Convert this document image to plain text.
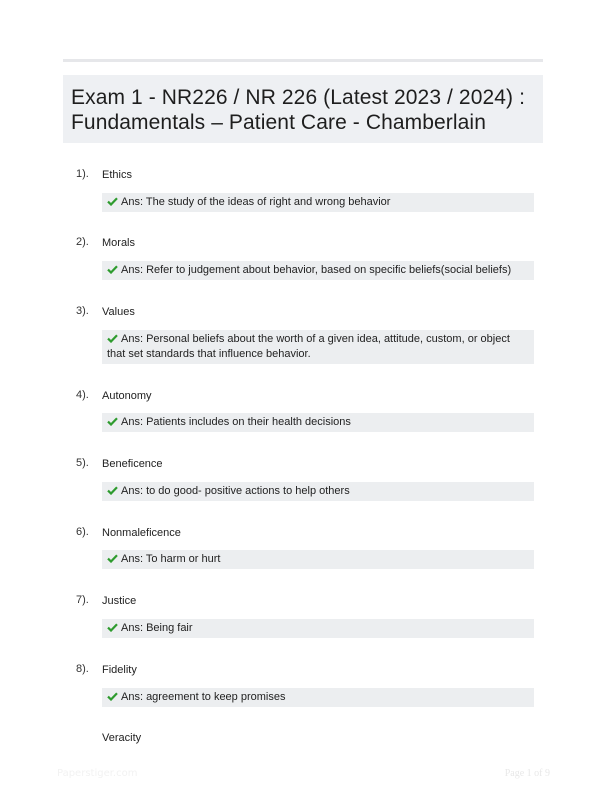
Exam 1 - NR226 / NR 226 (Latest 2023 / 2024) : Fundamentals – Patient Care - Chamberlain
1). Ethics
Ans: The study of the ideas of right and wrong behavior
2). Morals
Ans: Refer to judgement about behavior, based on specific beliefs(social beliefs)
3). Values
Ans: Personal beliefs about the worth of a given idea, attitude, custom, or object that set standards that influence behavior.
4). Autonomy
Ans: Patients includes on their health decisions
5). Beneficence
Ans: to do good- positive actions to help others
6). Nonmaleficence
Ans: To harm or hurt
7). Justice
Ans: Being fair
8). Fidelity
Ans: agreement to keep promises
Veracity
Paperstiger.com	Page 1 of 9
